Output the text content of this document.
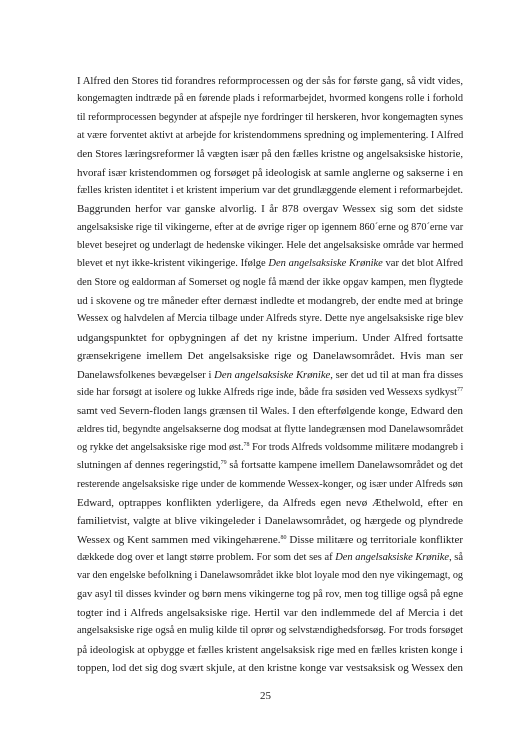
I Alfred den Stores tid forandres reformprocessen og der sås for første gang, så vidt vides,
kongemagten indtræde på en førende plads i reformarbejdet, hvormed kongens rolle i forhold
til reformprocessen begynder at afspejle nye fordringer til herskeren, hvor kongemagten synes
at være forventet aktivt at arbejde for kristendommens spredning og implementering. I Alfred
den Stores læringsreformer lå vægten især på den fælles kristne og angelsaksiske historie,
hvoraf især kristendommen og forsøget på ideologisk at samle anglerne og sakserne i en
fælles kristen identitet i et kristent imperium var det grundlæggende element i reformarbejdet.
Baggrunden herfor var ganske alvorlig. I år 878 overgav Wessex sig som det sidste
angelsaksiske rige til vikingerne, efter at de øvrige riger op igennem 860´erne og 870´erne var
blevet besejret og underlagt de hedenske vikinger. Hele det angelsaksiske område var hermed
blevet et nyt ikke-kristent vikingerige. Ifølge Den angelsaksiske Krønike var det blot Alfred
den Store og ealdorman af Somerset og nogle få mænd der ikke opgav kampen, men flygtede
ud i skovene og tre måneder efter dernæst indledte et modangreb, der endte med at bringe
Wessex og halvdelen af Mercia tilbage under Alfreds styre. Dette nye angelsaksiske rige blev
udgangspunktet for opbygningen af det ny kristne imperium. Under Alfred fortsatte
grænsekrigene imellem Det angelsaksiske rige og Danelawsområdet. Hvis man ser
Danelawsfolkenes bevægelser i Den angelsaksiske Krønike, ser det ud til at man fra disses
side har forsøgt at isolere og lukke Alfreds rige inde, både fra søsiden ved Wessexs sydkyst$^{77}$
samt ved Severn-floden langs grænsen til Wales. I den efterfølgende konge, Edward den
ældres tid, begyndte angelsakserne dog modsat at flytte landegrænsen mod Danelawsområdet
og rykke det angelsaksiske rige mod øst.$^{78}$ For trods Alfreds voldsomme militære modangreb i
slutningen af dennes regeringstid,$^{79}$ så fortsatte kampene imellem Danelawsområdet og det
resterende angelsaksiske rige under de kommende Wessex-konger, og især under Alfreds søn
Edward, optrappes konflikten yderligere, da Alfreds egen nevø Æthelwold, efter en
familietvist, valgte at blive vikingeleder i Danelawsområdet, og hærgede og plyndrede
Wessex og Kent sammen med vikingehærene.$^{80}$ Disse militære og territoriale konflikter
dækkede dog over et langt større problem. For som det ses af Den angelsaksiske Krønike, så
var den engelske befolkning i Danelawsområdet ikke blot loyale mod den nye vikingemagt, og
gav asyl til disses kvinder og børn mens vikingerne tog på rov, men tog tillige også på egne
togter ind i Alfreds angelsaksiske rige. Hertil var den indlemmede del af Mercia i det
angelsaksiske rige også en mulig kilde til oprør og selvstændighedsforsøg. For trods forsøget
på ideologisk at opbygge et fælles kristent angelsaksisk rige med en fælles kristen konge i
toppen, lod det sig dog svært skjule, at den kristne konge var vestsaksisk og Wessex den
25
